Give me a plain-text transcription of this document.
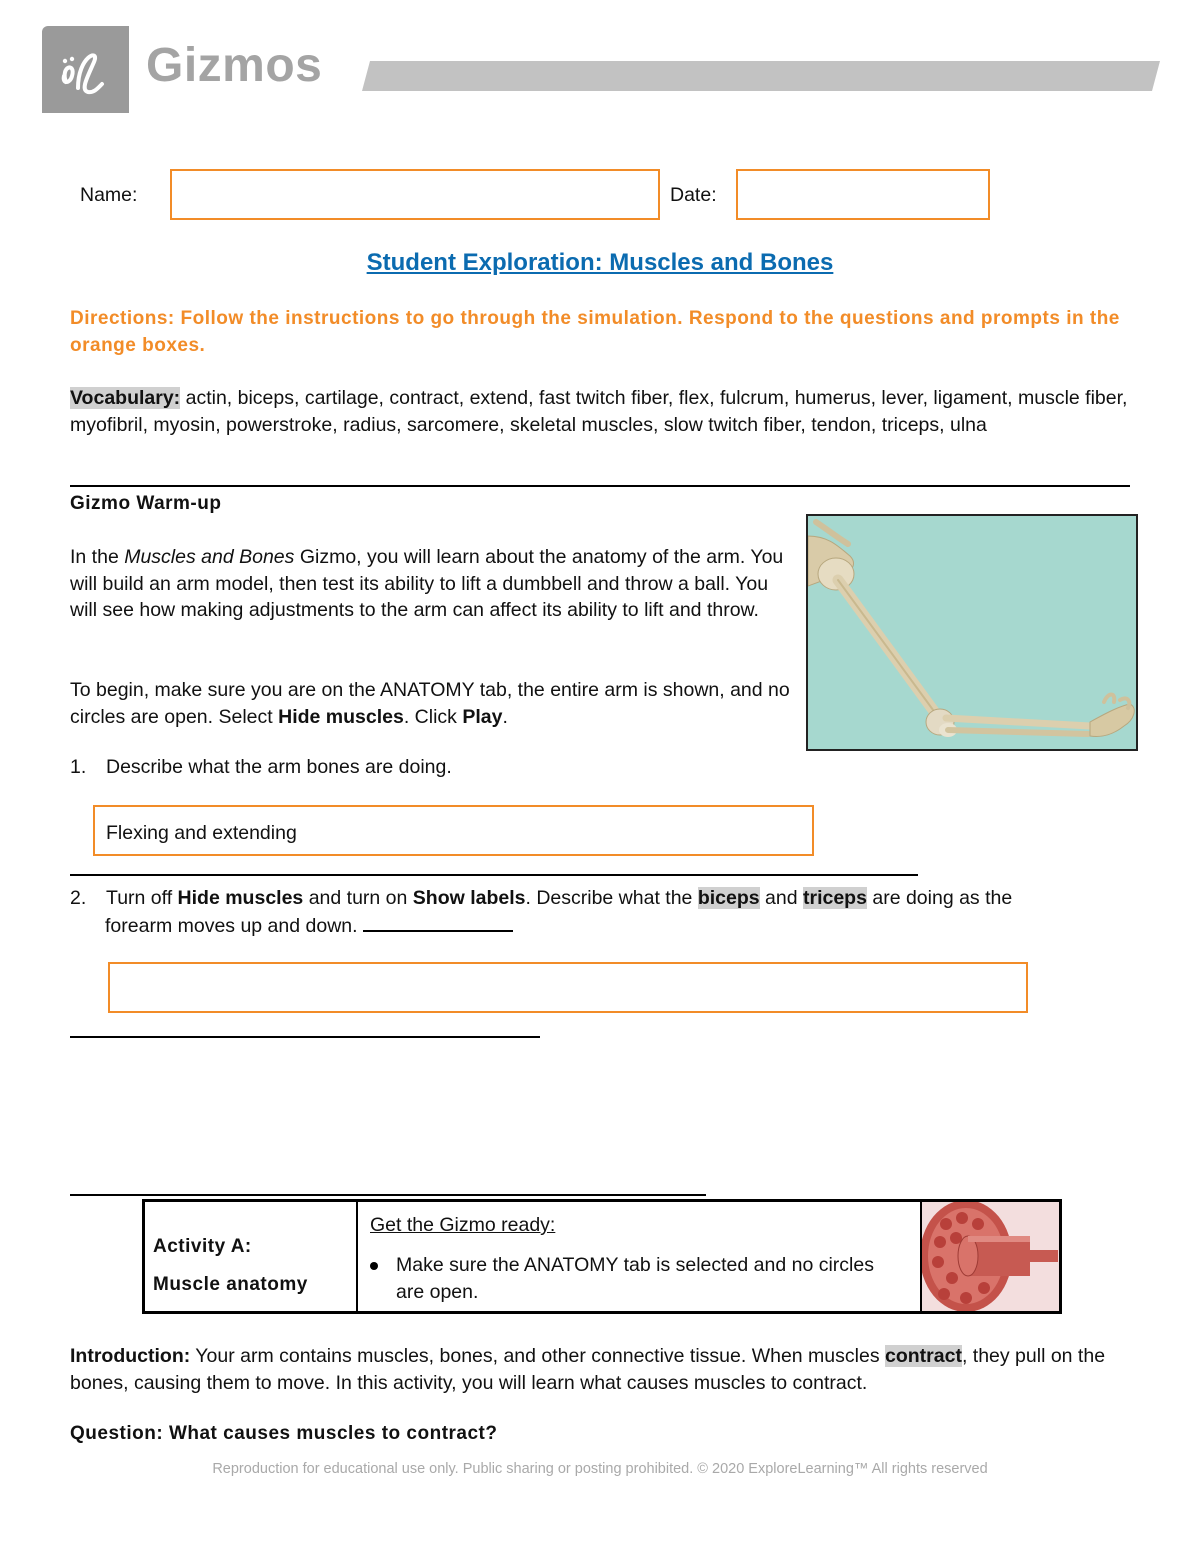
Gizmos
Name:	Date:
Student Exploration: Muscles and Bones
Directions: Follow the instructions to go through the simulation. Respond to the questions and prompts in the orange boxes.
Vocabulary: actin, biceps, cartilage, contract, extend, fast twitch fiber, flex, fulcrum, humerus, lever, ligament, muscle fiber, myofibril, myosin, powerstroke, radius, sarcomere, skeletal muscles, slow twitch fiber, tendon, triceps, ulna
Gizmo Warm-up
In the Muscles and Bones Gizmo, you will learn about the anatomy of the arm. You will build an arm model, then test its ability to lift a dumbbell and throw a ball. You will see how making adjustments to the arm can affect its ability to lift and throw.
To begin, make sure you are on the ANATOMY tab, the entire arm is shown, and no circles are open. Select Hide muscles. Click Play.
1. Describe what the arm bones are doing.
Flexing and extending
2. Turn off Hide muscles and turn on Show labels. Describe what the biceps and triceps are doing as the
forearm moves up and down.
Activity A:
Muscle anatomy
Get the Gizmo ready:
Make sure the ANATOMY tab is selected and no circles are open.
Introduction: Your arm contains muscles, bones, and other connective tissue. When muscles contract, they pull on the bones, causing them to move. In this activity, you will learn what causes muscles to contract.
Question: What causes muscles to contract?
Reproduction for educational use only. Public sharing or posting prohibited. © 2020 ExploreLearning™ All rights reserved
